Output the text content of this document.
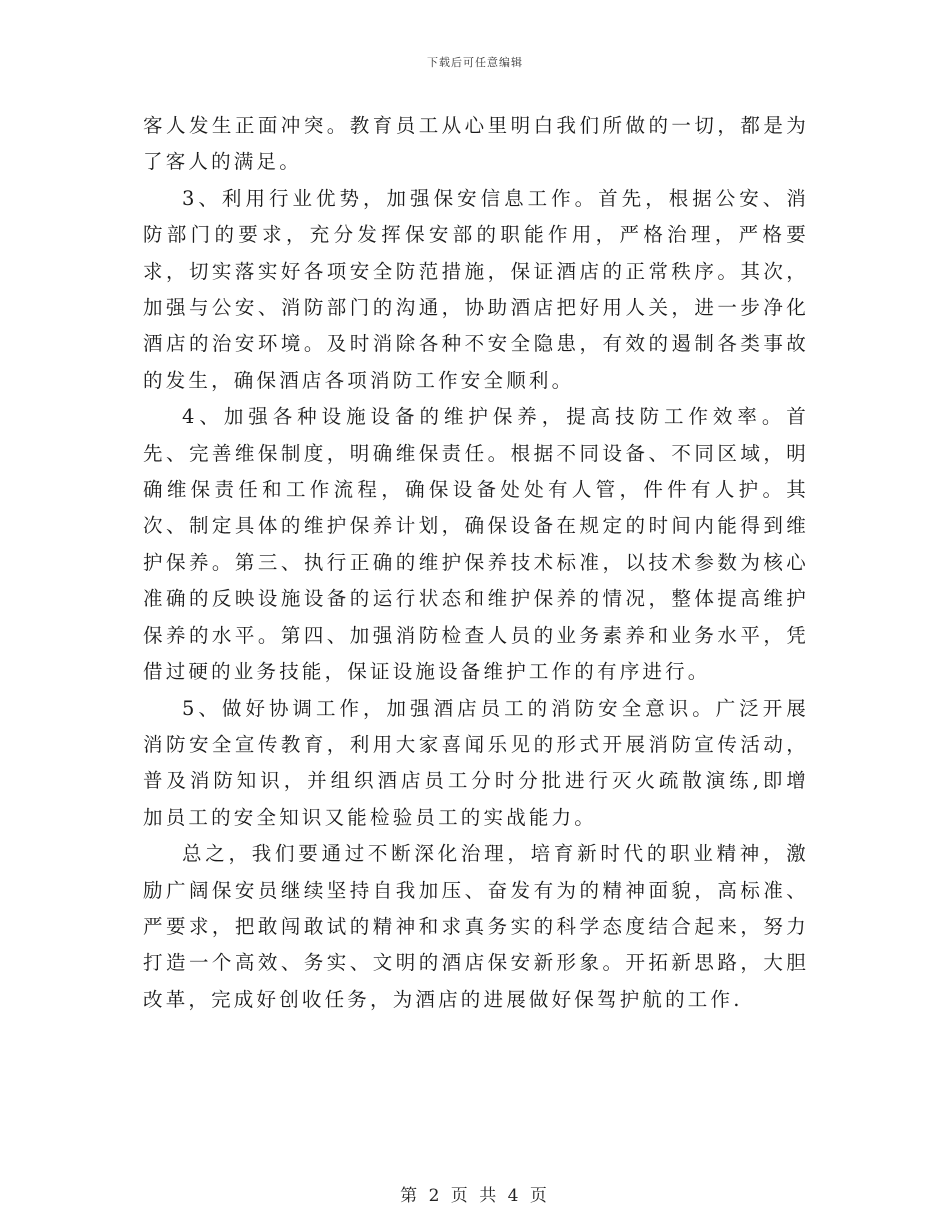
下载后可任意编辑

客人发生正面冲突。教育员工从心里明白我们所做的一切，都是为了客人的满足。

3、利用行业优势，加强保安信息工作。首先，根据公安、消防部门的要求，充分发挥保安部的职能作用，严格治理，严格要求，切实落实好各项安全防范措施，保证酒店的正常秩序。其次，加强与公安、消防部门的沟通，协助酒店把好用人关，进一步净化酒店的治安环境。及时消除各种不安全隐患，有效的遏制各类事故的发生，确保酒店各项消防工作安全顺利。

4、加强各种设施设备的维护保养，提高技防工作效率。首先、完善维保制度，明确维保责任。根据不同设备、不同区域，明确维保责任和工作流程，确保设备处处有人管，件件有人护。其次、制定具体的维护保养计划，确保设备在规定的时间内能得到维护保养。第三、执行正确的维护保养技术标准，以技术参数为核心准确的反映设施设备的运行状态和维护保养的情况，整体提高维护保养的水平。第四、加强消防检查人员的业务素养和业务水平，凭借过硬的业务技能，保证设施设备维护工作的有序进行。

5、做好协调工作，加强酒店员工的消防安全意识。广泛开展消防安全宣传教育，利用大家喜闻乐见的形式开展消防宣传活动，普及消防知识，并组织酒店员工分时分批进行灭火疏散演练,即增加员工的安全知识又能检验员工的实战能力。

总之，我们要通过不断深化治理，培育新时代的职业精神，激励广阔保安员继续坚持自我加压、奋发有为的精神面貌，高标准、严要求，把敢闯敢试的精神和求真务实的科学态度结合起来，努力打造一个高效、务实、文明的酒店保安新形象。开拓新思路，大胆改革，完成好创收任务，为酒店的进展做好保驾护航的工作.

第 2 页 共 4 页
